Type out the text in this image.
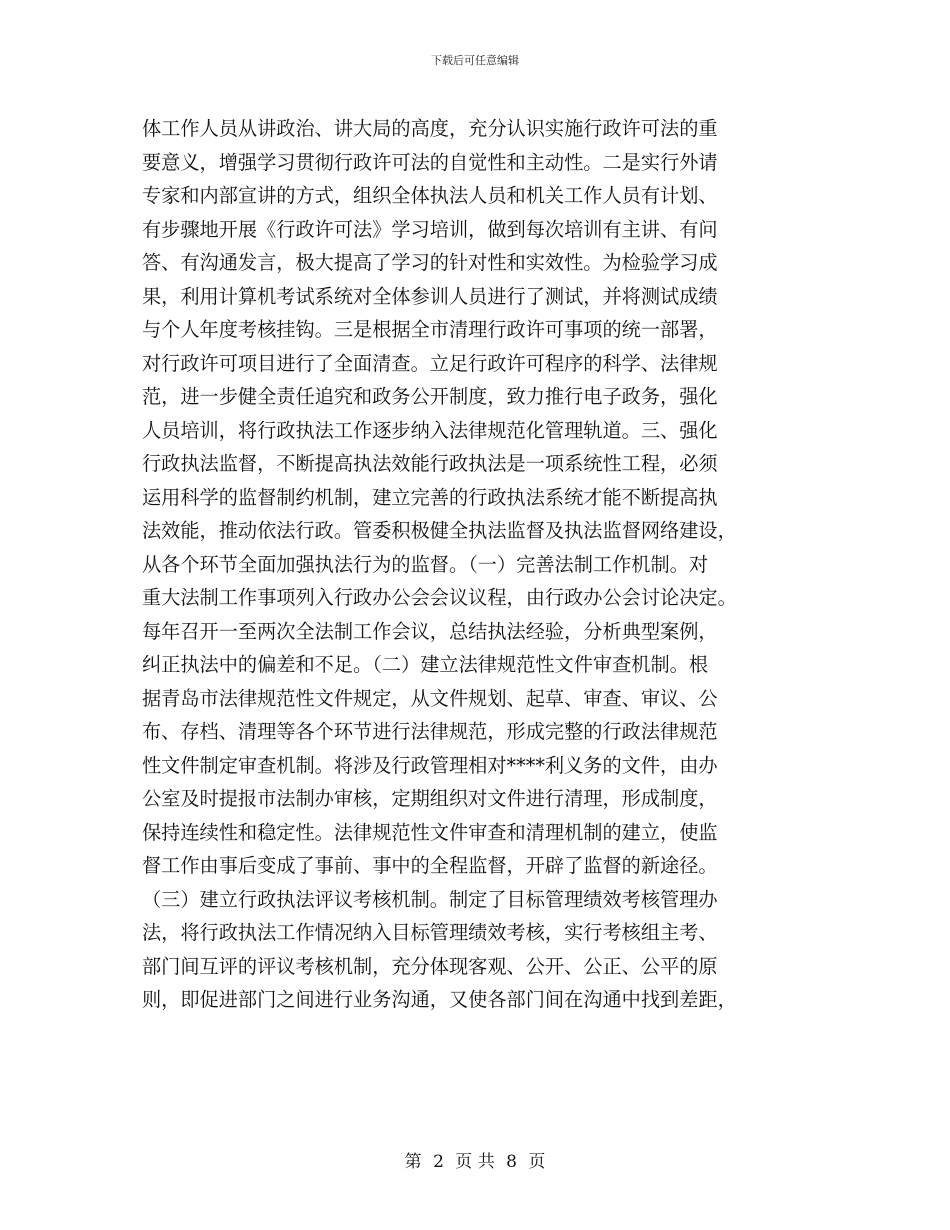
下载后可任意编辑
体工作人员从讲政治、讲大局的高度，充分认识实施行政许可法的重
要意义，增强学习贯彻行政许可法的自觉性和主动性。二是实行外请
专家和内部宣讲的方式，组织全体执法人员和机关工作人员有计划、
有步骤地开展《行政许可法》学习培训，做到每次培训有主讲、有问
答、有沟通发言，极大提高了学习的针对性和实效性。为检验学习成
果，利用计算机考试系统对全体参训人员进行了测试，并将测试成绩
与个人年度考核挂钩。三是根据全市清理行政许可事项的统一部署，
对行政许可项目进行了全面清查。立足行政许可程序的科学、法律规
范，进一步健全责任追究和政务公开制度，致力推行电子政务，强化
人员培训，将行政执法工作逐步纳入法律规范化管理轨道。三、强化
行政执法监督，不断提高执法效能行政执法是一项系统性工程，必须
运用科学的监督制约机制，建立完善的行政执法系统才能不断提高执
法效能，推动依法行政。管委积极健全执法监督及执法监督网络建设，
从各个环节全面加强执法行为的监督。（一）完善法制工作机制。对
重大法制工作事项列入行政办公会会议议程，由行政办公会讨论决定。
每年召开一至两次全法制工作会议，总结执法经验，分析典型案例，
纠正执法中的偏差和不足。（二）建立法律规范性文件审查机制。根
据青岛市法律规范性文件规定，从文件规划、起草、审查、审议、公
布、存档、清理等各个环节进行法律规范，形成完整的行政法律规范
性文件制定审查机制。将涉及行政管理相对****利义务的文件，由办
公室及时提报市法制办审核，定期组织对文件进行清理，形成制度，
保持连续性和稳定性。法律规范性文件审查和清理机制的建立，使监
督工作由事后变成了事前、事中的全程监督，开辟了监督的新途径。
（三）建立行政执法评议考核机制。制定了目标管理绩效考核管理办
法，将行政执法工作情况纳入目标管理绩效考核，实行考核组主考、
部门间互评的评议考核机制，充分体现客观、公开、公正、公平的原
则，即促进部门之间进行业务沟通，又使各部门间在沟通中找到差距，
第 2 页 共 8 页
